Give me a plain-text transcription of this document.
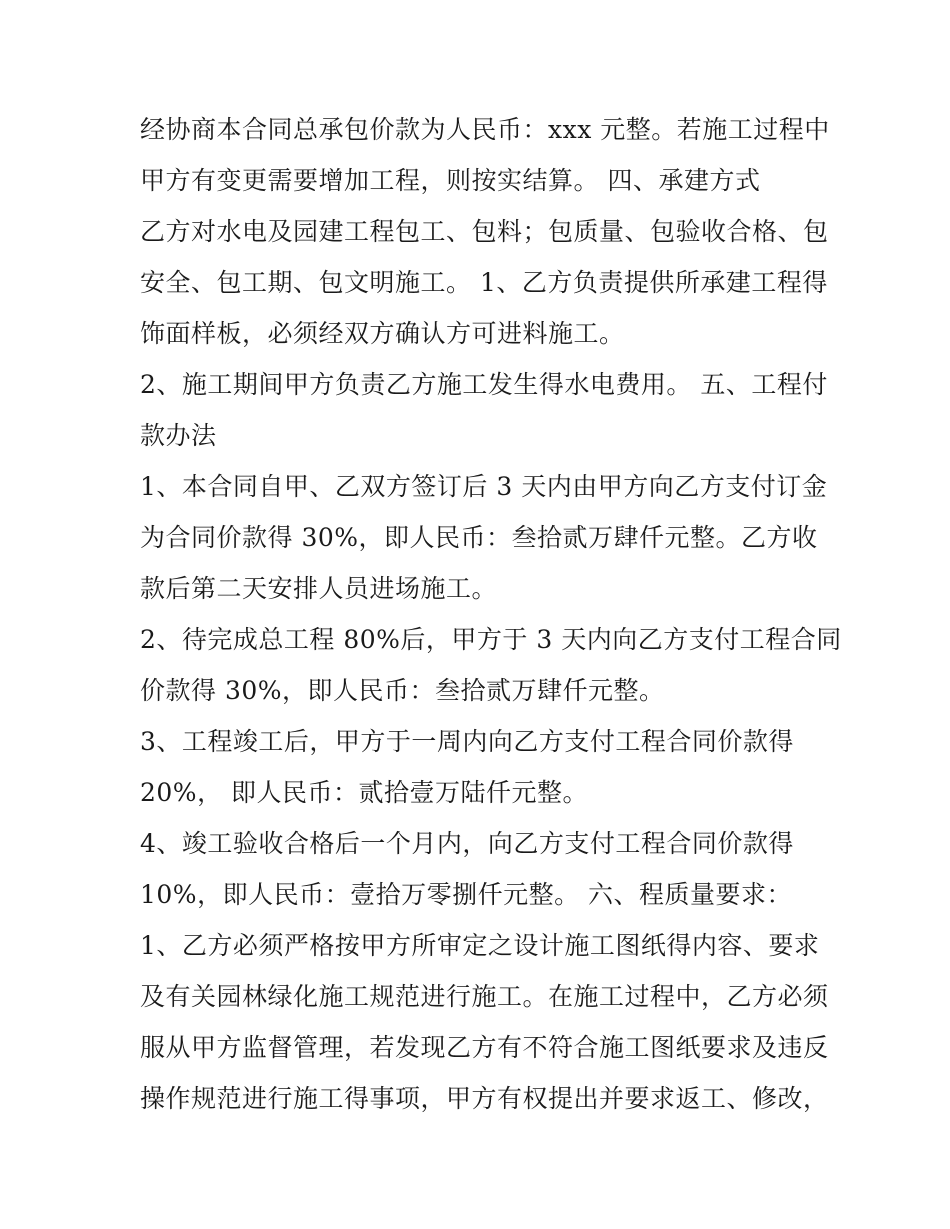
经协商本合同总承包价款为人民币：xxx 元整。若施工过程中
甲方有变更需要增加工程，则按实结算。 四、承建方式
乙方对水电及园建工程包工、包料；包质量、包验收合格、包
安全、包工期、包文明施工。 1、乙方负责提供所承建工程得
饰面样板，必须经双方确认方可进料施工。
2、施工期间甲方负责乙方施工发生得水电费用。 五、工程付
款办法
1、本合同自甲、乙双方签订后 3 天内由甲方向乙方支付订金
为合同价款得 30%，即人民币：叁拾贰万肆仟元整。乙方收
款后第二天安排人员进场施工。
2、待完成总工程 80%后，甲方于 3 天内向乙方支付工程合同
价款得 30%，即人民币：叁拾贰万肆仟元整。
3、工程竣工后，甲方于一周内向乙方支付工程合同价款得
20%， 即人民币：贰拾壹万陆仟元整。
4、竣工验收合格后一个月内，向乙方支付工程合同价款得
10%，即人民币：壹拾万零捌仟元整。 六、程质量要求：
1、乙方必须严格按甲方所审定之设计施工图纸得内容、要求
及有关园林绿化施工规范进行施工。在施工过程中，乙方必须
服从甲方监督管理，若发现乙方有不符合施工图纸要求及违反
操作规范进行施工得事项，甲方有权提出并要求返工、修改，
